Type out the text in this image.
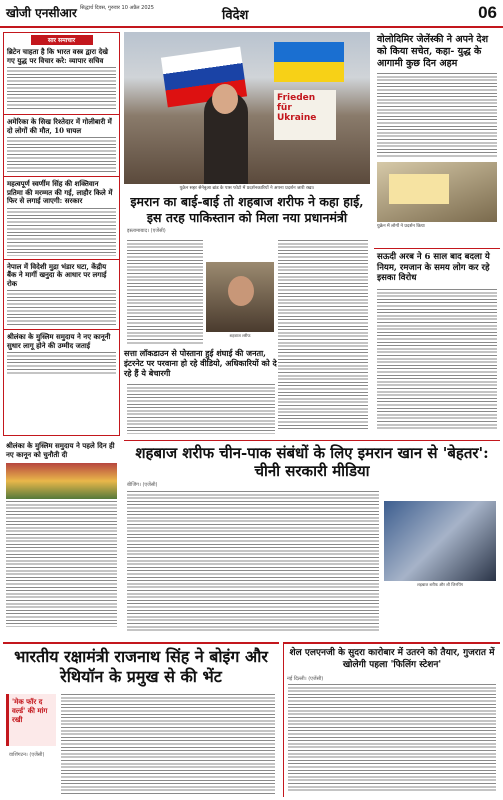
खोजी एनसीआर सिद्धार्थ दिवस, गुरुवार 10 अप्रैल 2025	विदेश	06
सार समाचार
ब्रिटेन चाहता है कि भारत वस्त्र द्वारा देखे गए युद्ध पर विचार करे: व्यापार सचिव
अमेरिका के सिख रिश्तेदार में गोलीबारी में दो लोगों की मौत, 10 घायल
महत्वपूर्ण स्वर्णीम सिंह की शक्तिवान प्रतिमा की मरम्मत की गई, लाहौर किले में फिर से लगाई जाएगी: सरकार
नेपाल में विदेशी मुद्रा भंडार घटा, केंद्रीय बैंक ने मार्गी खनुदा के आधार पर लगाई रोक
श्रीलंका के मुस्लिम समुदाय ने नए कानूनी सुधार लागू होने की उम्मीद जताई
Frieden für Ukraine
युक्रेन सहर सेनेबुआ ब्रांड के पास फोटो में प्रदर्शनकारियों ने अपना प्रदर्शन जारी रखा।
वोलोदिमिर जेलेंस्की ने अपने देश को किया सचेत, कहा- युद्ध के आगामी कुछ दिन अहम
युक्रेन में लोगों ने प्रदर्शन किया
इमरान का बाई-बाई तो शहबाज शरीफ ने कहा हाई, इस तरह पाकिस्तान को मिला नया प्रधानमंत्री
इस्लामाबाद। (एजेंसी)
शहबाज शरीफ
सत्ता लॉकडाउन से पोस्ताना हुई शंघाई की जनता, इंटरनेट पर परवाना हो रहे वीडियो, अधिकारियों को दे रहे हैं ये बेचारगी
सऊदी अरब ने 6 साल बाद बदला ये नियम, रमजान के समय लोग कर रहे इसका विरोध
श्रीलंका के मुस्लिम समुदाय ने पहले दिन ही नए कानून को चुनौती दी	शहबाज शरीफ चीन-पाक संबंधों के लिए इमरान खान से 'बेहतर': चीनी सरकारी मीडिया
बीजिंग। (एजेंसी)
शहबाज शरीफ और शी जिनपिंग
भारतीय रक्षामंत्री राजनाथ सिंह ने बोइंग और रेथियॉन के प्रमुख से की भेंट
'मेक फॉर द वर्ल्ड' की मांग रखी
वाशिंगटन। (एजेंसी)
शेल एलएनजी के सुदरा कारोबार में उतरने को तैयार, गुजरात में खोलेगी पहला 'फिलिंग स्टेशन'
नई दिल्ली। (एजेंसी)
